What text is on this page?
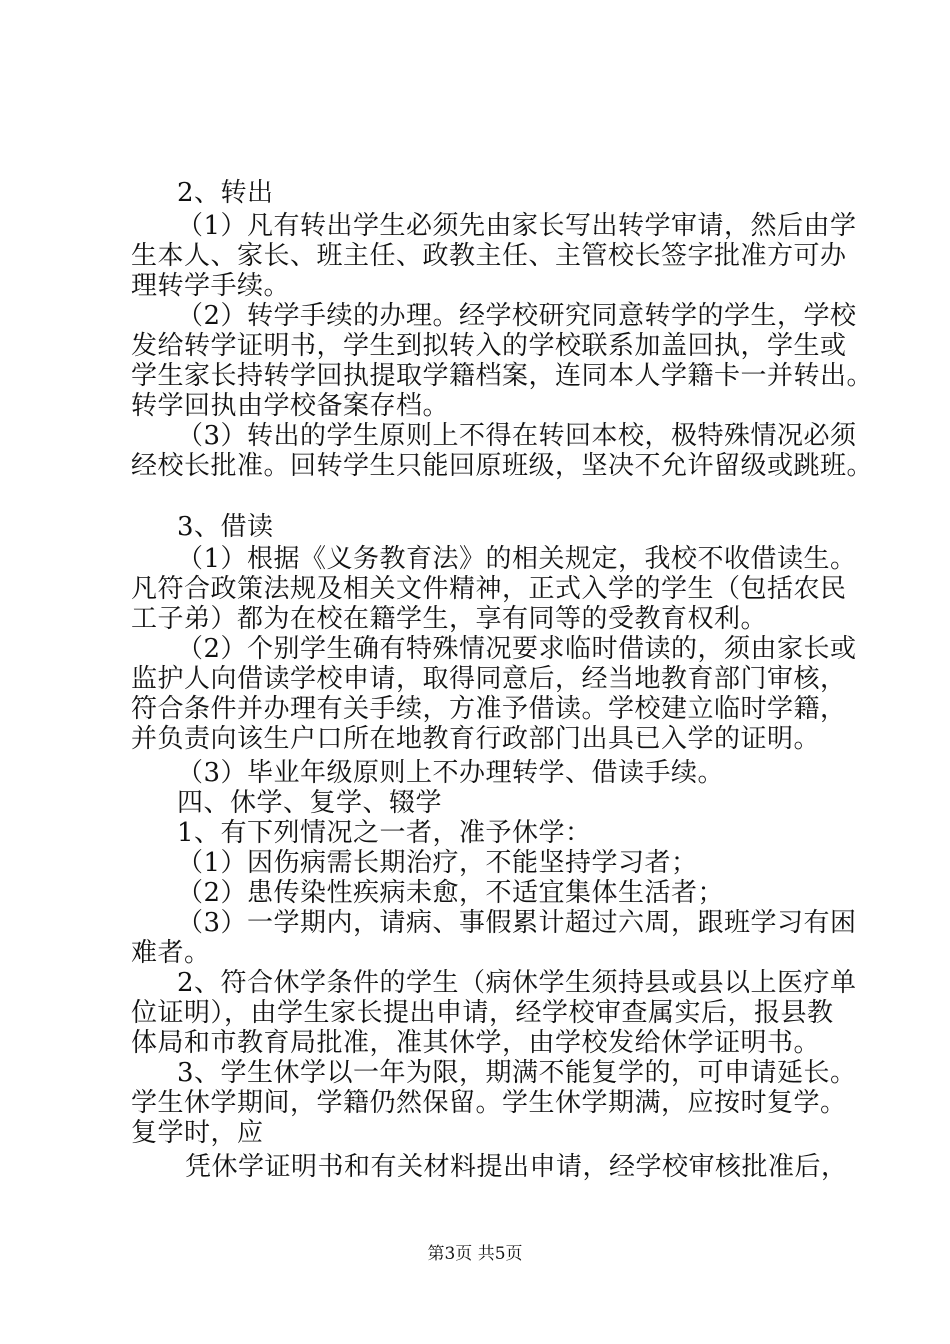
2、转出
（1）凡有转出学生必须先由家长写出转学审请，然后由学
生本人、家长、班主任、政教主任、主管校长签字批准方可办
理转学手续。
（2）转学手续的办理。经学校研究同意转学的学生，学校
发给转学证明书，学生到拟转入的学校联系加盖回执，学生或
学生家长持转学回执提取学籍档案，连同本人学籍卡一并转出。
转学回执由学校备案存档。
（3）转出的学生原则上不得在转回本校，极特殊情况必须
经校长批准。回转学生只能回原班级，坚决不允许留级或跳班。
3、借读
（1）根据《义务教育法》的相关规定，我校不收借读生。
凡符合政策法规及相关文件精神，正式入学的学生（包括农民
工子弟）都为在校在籍学生，享有同等的受教育权利。
（2）个别学生确有特殊情况要求临时借读的，须由家长或
监护人向借读学校申请，取得同意后，经当地教育部门审核，
符合条件并办理有关手续，方准予借读。学校建立临时学籍，
并负责向该生户口所在地教育行政部门出具已入学的证明。
（3）毕业年级原则上不办理转学、借读手续。
四、休学、复学、辍学
1、有下列情况之一者，准予休学：
（1）因伤病需长期治疗，不能坚持学习者；
（2）患传染性疾病未愈，不适宜集体生活者；
（3）一学期内，请病、事假累计超过六周，跟班学习有困
难者。
2、符合休学条件的学生（病休学生须持县或县以上医疗单
位证明），由学生家长提出申请，经学校审查属实后，报县教
体局和市教育局批准，准其休学，由学校发给休学证明书。
3、学生休学以一年为限，期满不能复学的，可申请延长。
学生休学期间，学籍仍然保留。学生休学期满，应按时复学。
复学时，应
凭休学证明书和有关材料提出申请，经学校审核批准后，
第3页 共5页
